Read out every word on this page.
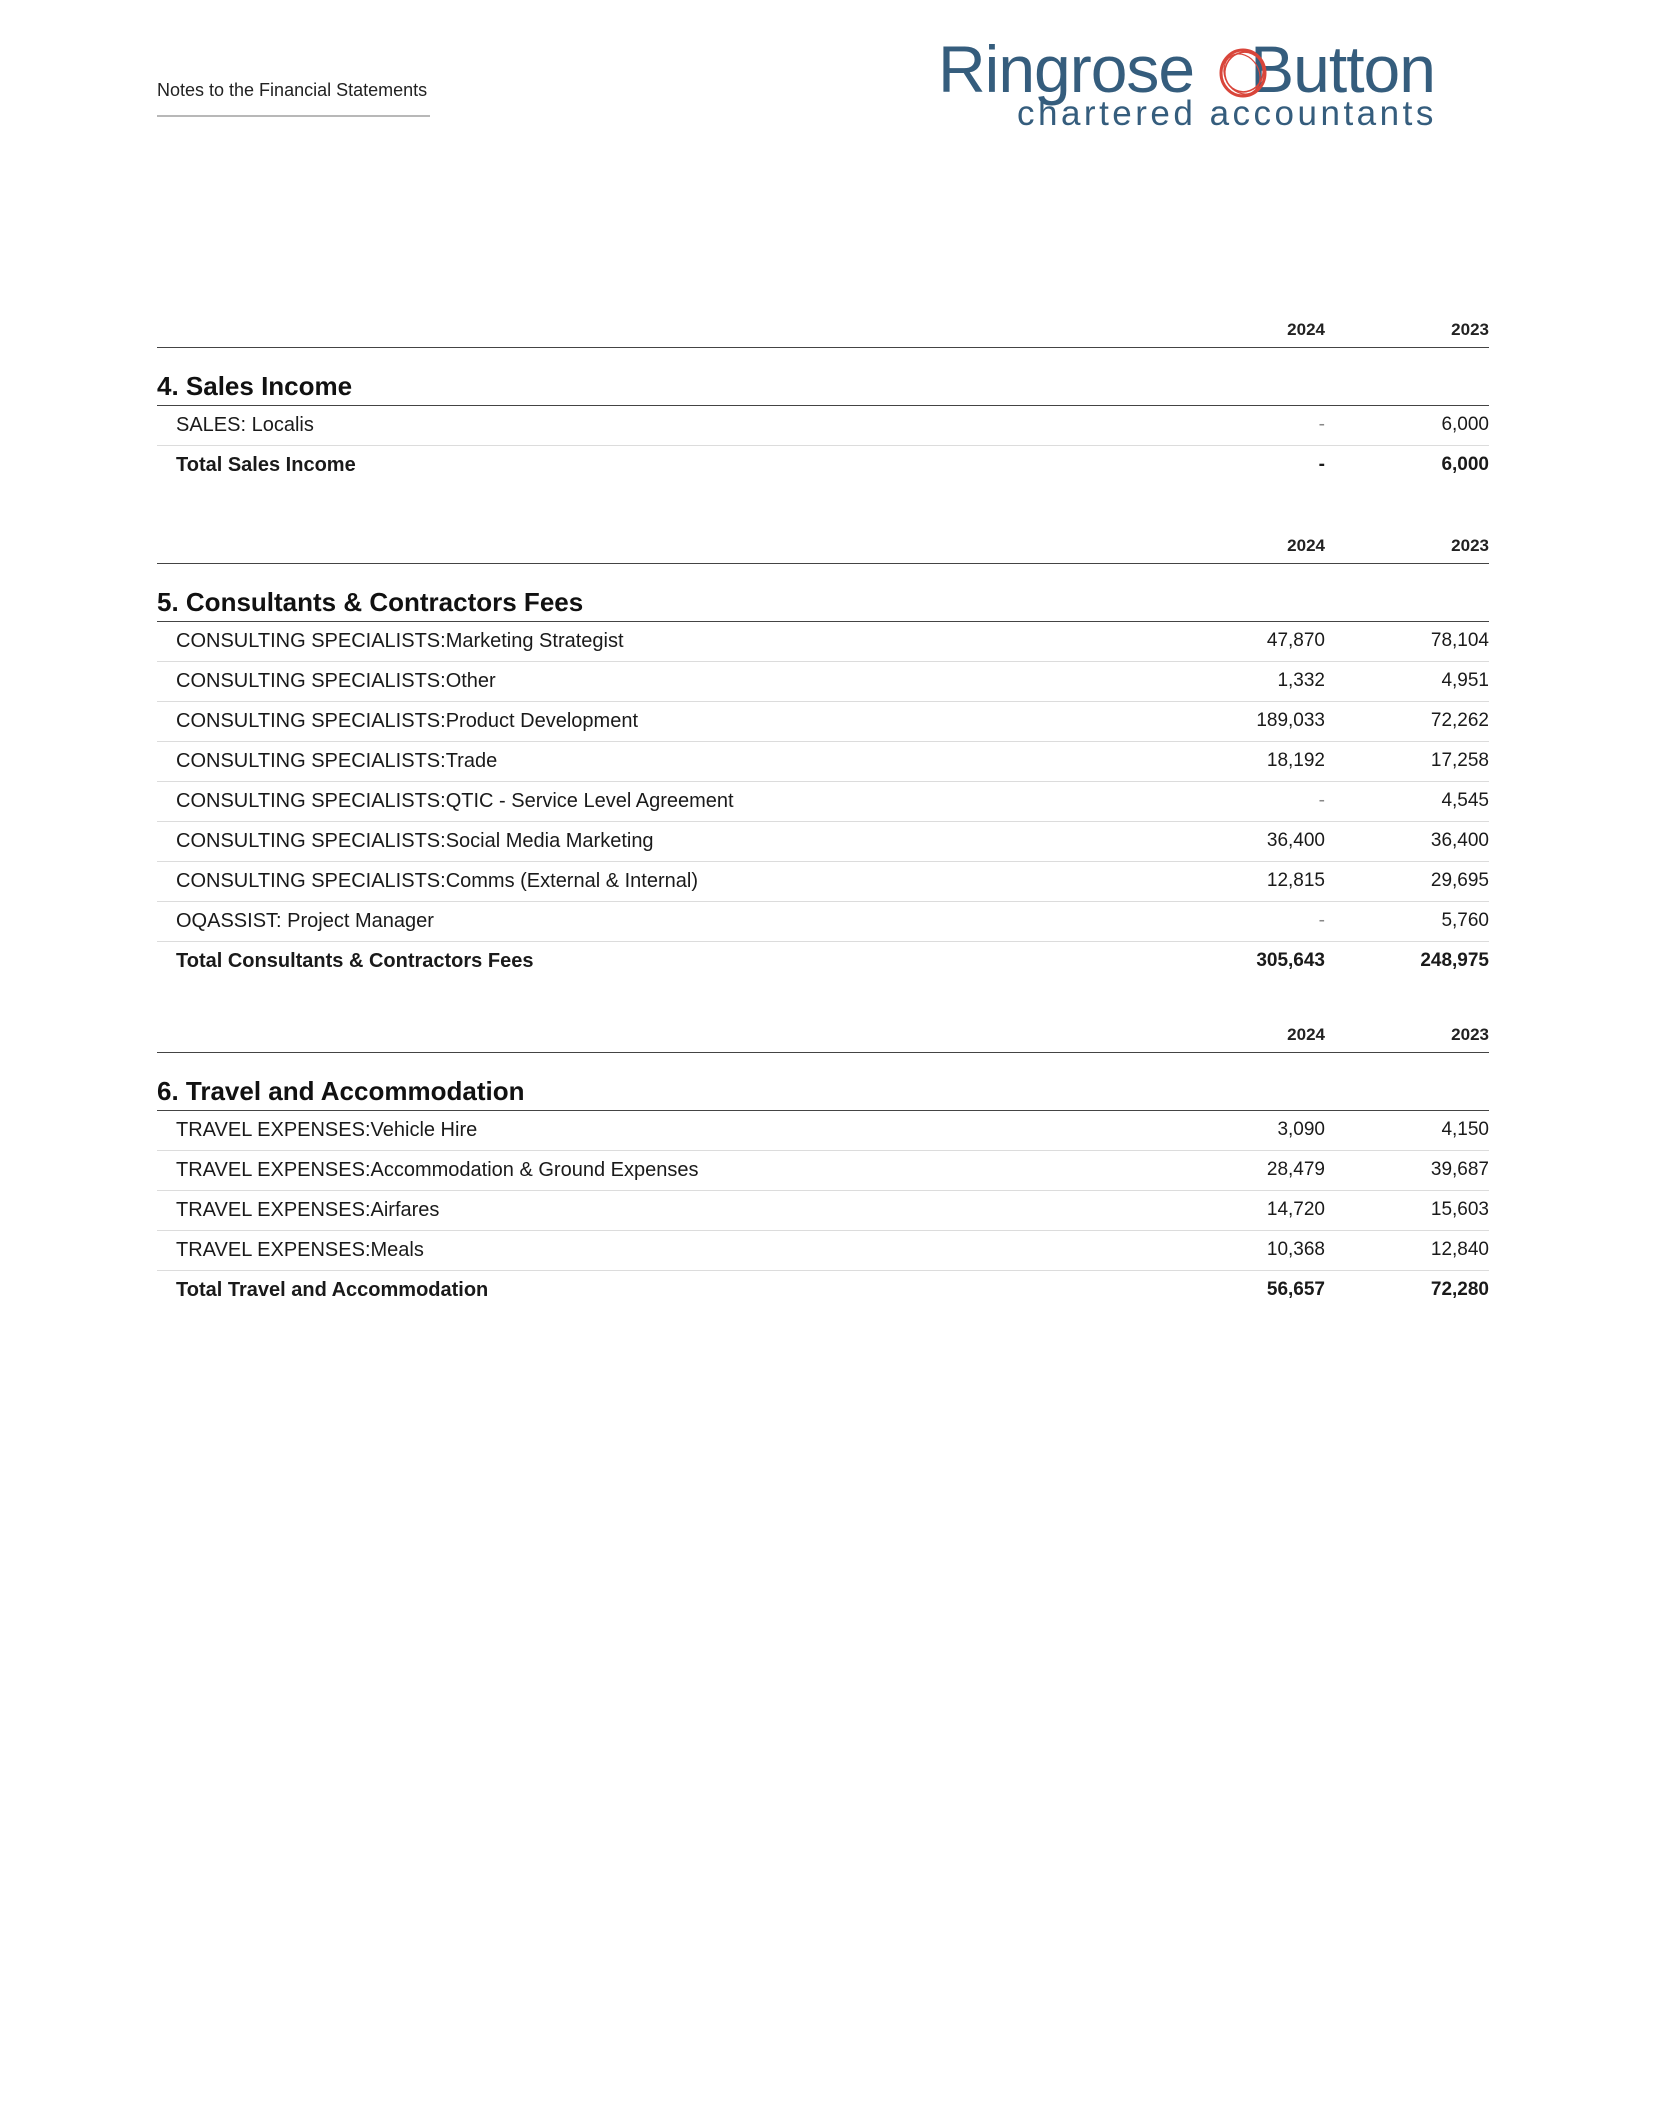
Notes to the Financial Statements	Ringrose Button
chartered accountants
2024	2023
4. Sales Income
SALES: Localis	-	6,000
Total Sales Income	-	6,000
2024	2023
5. Consultants & Contractors Fees
CONSULTING SPECIALISTS:Marketing Strategist	47,870	78,104
CONSULTING SPECIALISTS:Other	1,332	4,951
CONSULTING SPECIALISTS:Product Development	189,033	72,262
CONSULTING SPECIALISTS:Trade	18,192	17,258
CONSULTING SPECIALISTS:QTIC - Service Level Agreement	-	4,545
CONSULTING SPECIALISTS:Social Media Marketing	36,400	36,400
CONSULTING SPECIALISTS:Comms (External & Internal)	12,815	29,695
OQASSIST: Project Manager	-	5,760
Total Consultants & Contractors Fees	305,643	248,975
2024	2023
6. Travel and Accommodation
TRAVEL EXPENSES:Vehicle Hire	3,090	4,150
TRAVEL EXPENSES:Accommodation & Ground Expenses	28,479	39,687
TRAVEL EXPENSES:Airfares	14,720	15,603
TRAVEL EXPENSES:Meals	10,368	12,840
Total Travel and Accommodation	56,657	72,280
